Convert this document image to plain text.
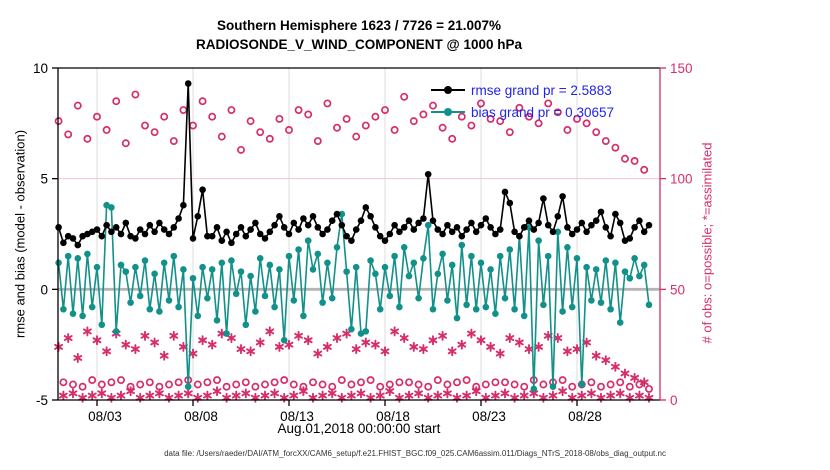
10
5
0
-5
150
100
50
0
08/03	08/08	08/13	08/18	08/23	08/28
Southern Hemisphere 1623 / 7726 = 21.007%
RADIOSONDE_V_WIND_COMPONENT @ 1000 hPa
rmse and bias (model - observation)	# of obs: o=possible; *=assimilated
Aug.01,2018 00:00:00 start
rmse grand pr = 2.5883
bias grand pr = 0.30657
data file: /Users/raeder/DAI/ATM_forcXX/CAM6_setup/f.e21.FHIST_BGC.f09_025.CAM6assim.011/Diags_NTrS_2018-08/obs_diag_output.nc
